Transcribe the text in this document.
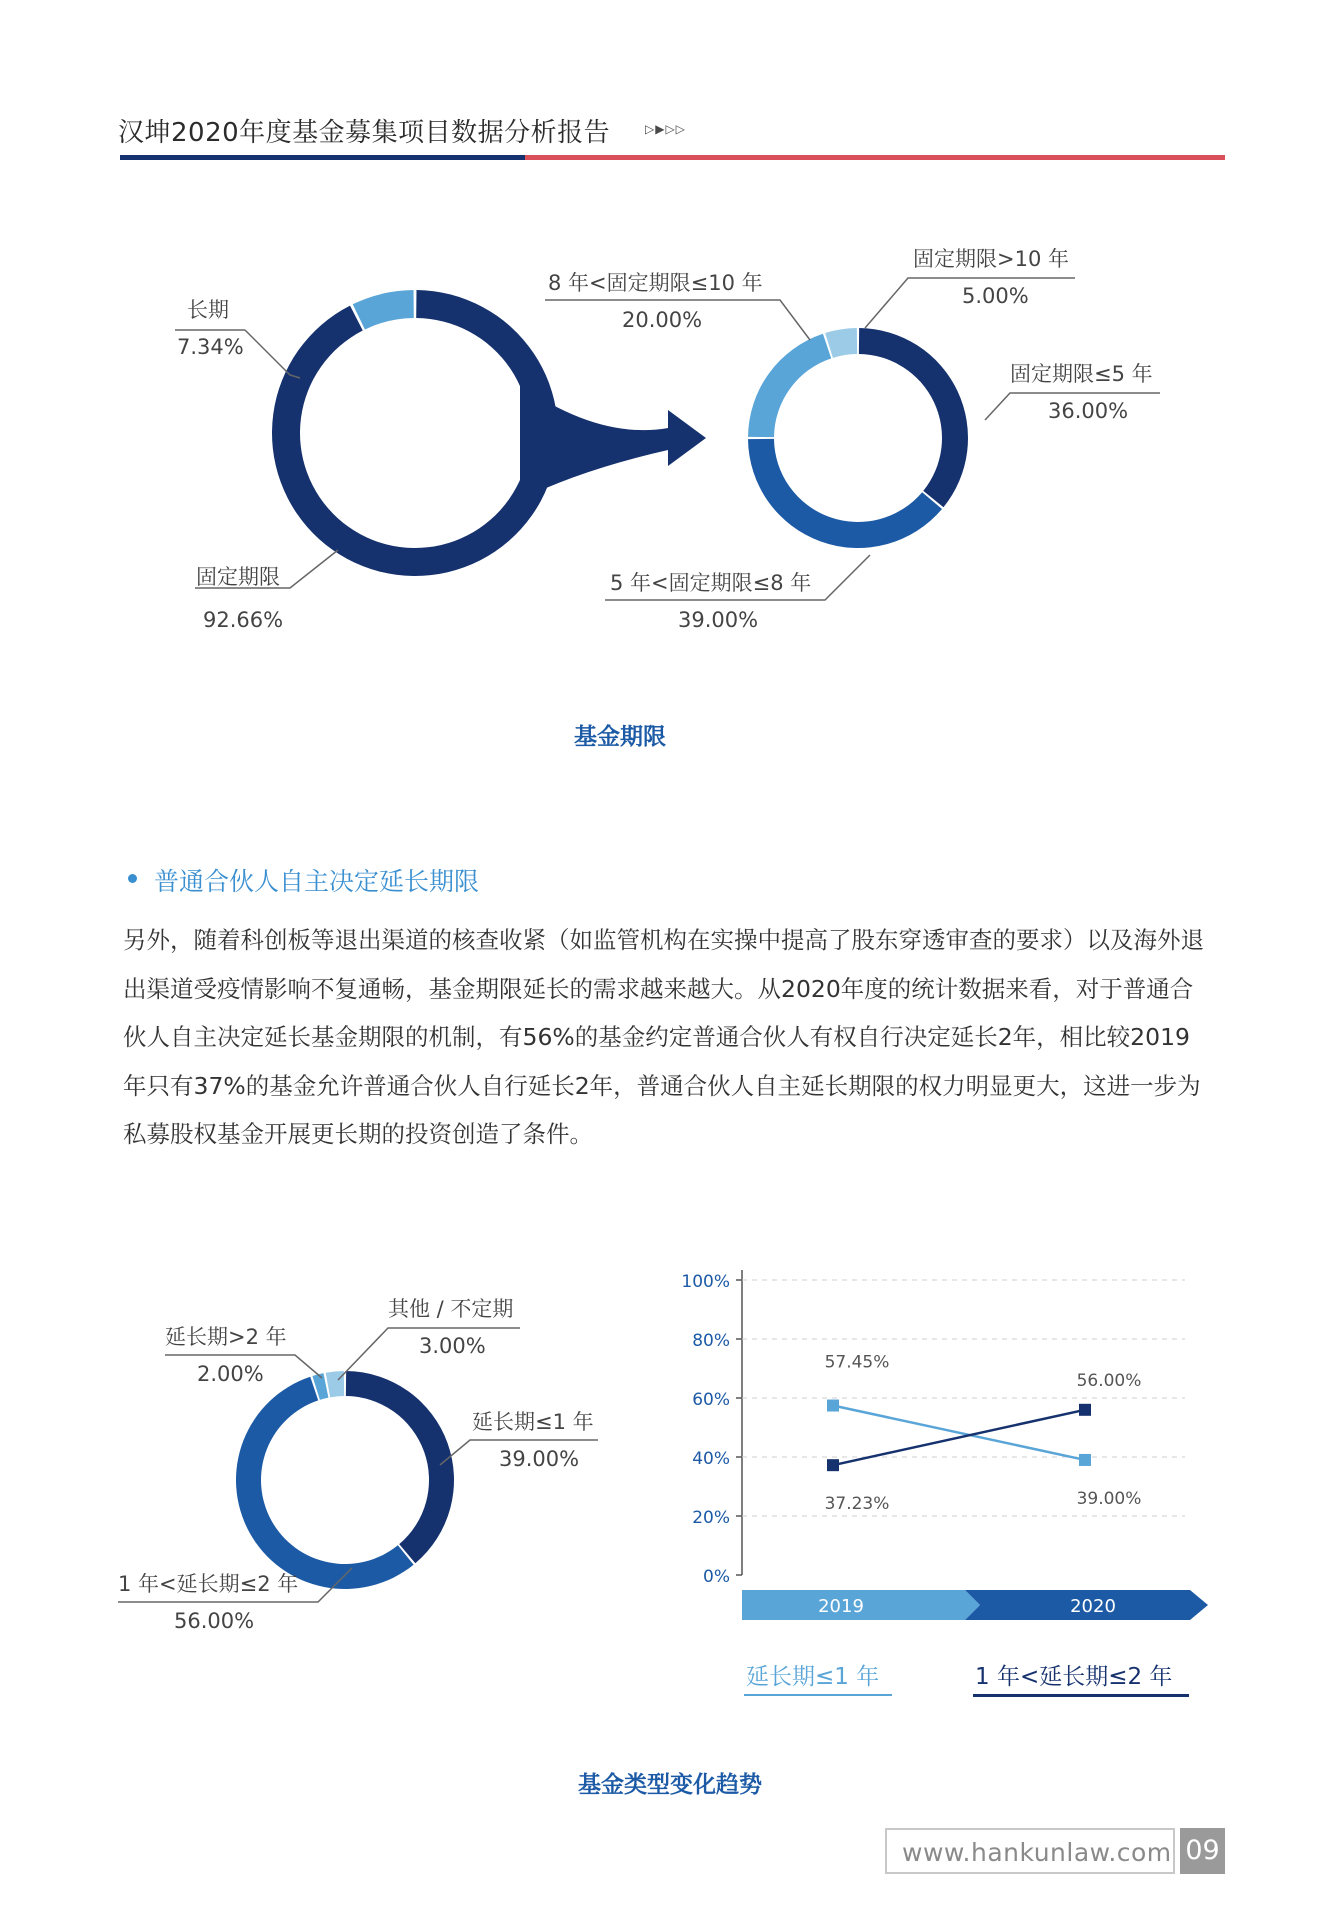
汉坤2020年度基金募集项目数据分析报告	▷▶▷▷
长期
7.34%
固定期限
92.66%
8 年<固定期限≤10 年
20.00%
固定期限>10 年
5.00%
固定期限≤5 年
36.00%
5 年<固定期限≤8 年
39.00%
基金期限
普通合伙人自主决定延长期限
另外，随着科创板等退出渠道的核查收紧（如监管机构在实操中提高了股东穿透审查的要求）以及海外退出渠道受疫情影响不复通畅，基金期限延长的需求越来越大。从2020年度的统计数据来看，对于普通合伙人自主决定延长基金期限的机制，有56%的基金约定普通合伙人有权自行决定延长2年，相比较2019年只有37%的基金允许普通合伙人自行延长2年，普通合伙人自主延长期限的权力明显更大，这进一步为私募股权基金开展更长期的投资创造了条件。
延长期>2 年
2.00%
其他 / 不定期
3.00%
延长期≤1 年
39.00%
1 年<延长期≤2 年
56.00%
0%
20%
40%
60%
80%
100%
2019	2020
57.45%
39.00%
37.23%
56.00%
延长期≤1 年	1 年<延长期≤2 年
基金类型变化趋势
www.hankunlaw.com 09
